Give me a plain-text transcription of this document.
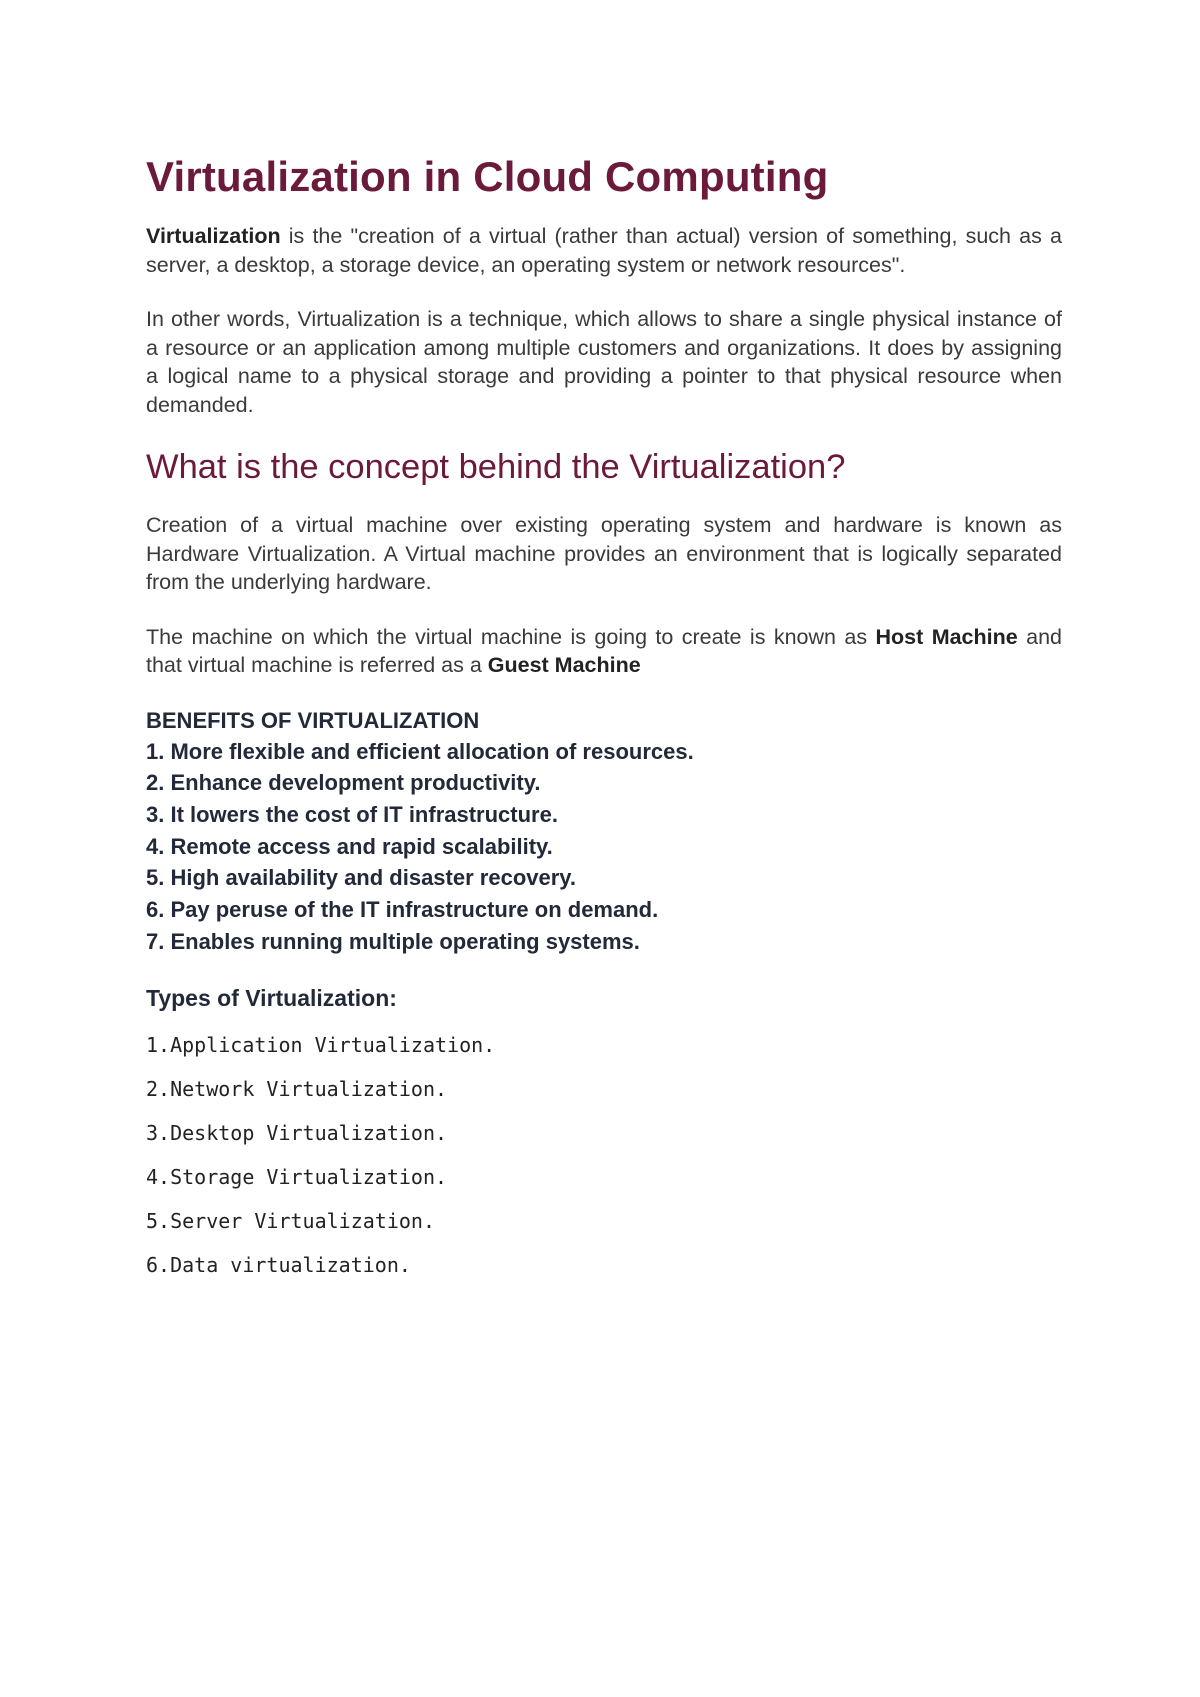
Virtualization in Cloud Computing

Virtualization is the "creation of a virtual (rather than actual) version of something, such as a server, a desktop, a storage device, an operating system or network resources".

In other words, Virtualization is a technique, which allows to share a single physical instance of a resource or an application among multiple customers and organizations. It does by assigning a logical name to a physical storage and providing a pointer to that physical resource when demanded.

What is the concept behind the Virtualization?

Creation of a virtual machine over existing operating system and hardware is known as Hardware Virtualization. A Virtual machine provides an environment that is logically separated from the underlying hardware.

The machine on which the virtual machine is going to create is known as Host Machine and that virtual machine is referred as a Guest Machine

BENEFITS OF VIRTUALIZATION
1. More flexible and efficient allocation of resources.
2. Enhance development productivity.
3. It lowers the cost of IT infrastructure.
4. Remote access and rapid scalability.
5. High availability and disaster recovery.
6. Pay peruse of the IT infrastructure on demand.
7. Enables running multiple operating systems.
Types of Virtualization:
1.Application Virtualization.
2.Network Virtualization.
3.Desktop Virtualization.
4.Storage Virtualization.
5.Server Virtualization.
6.Data virtualization.
